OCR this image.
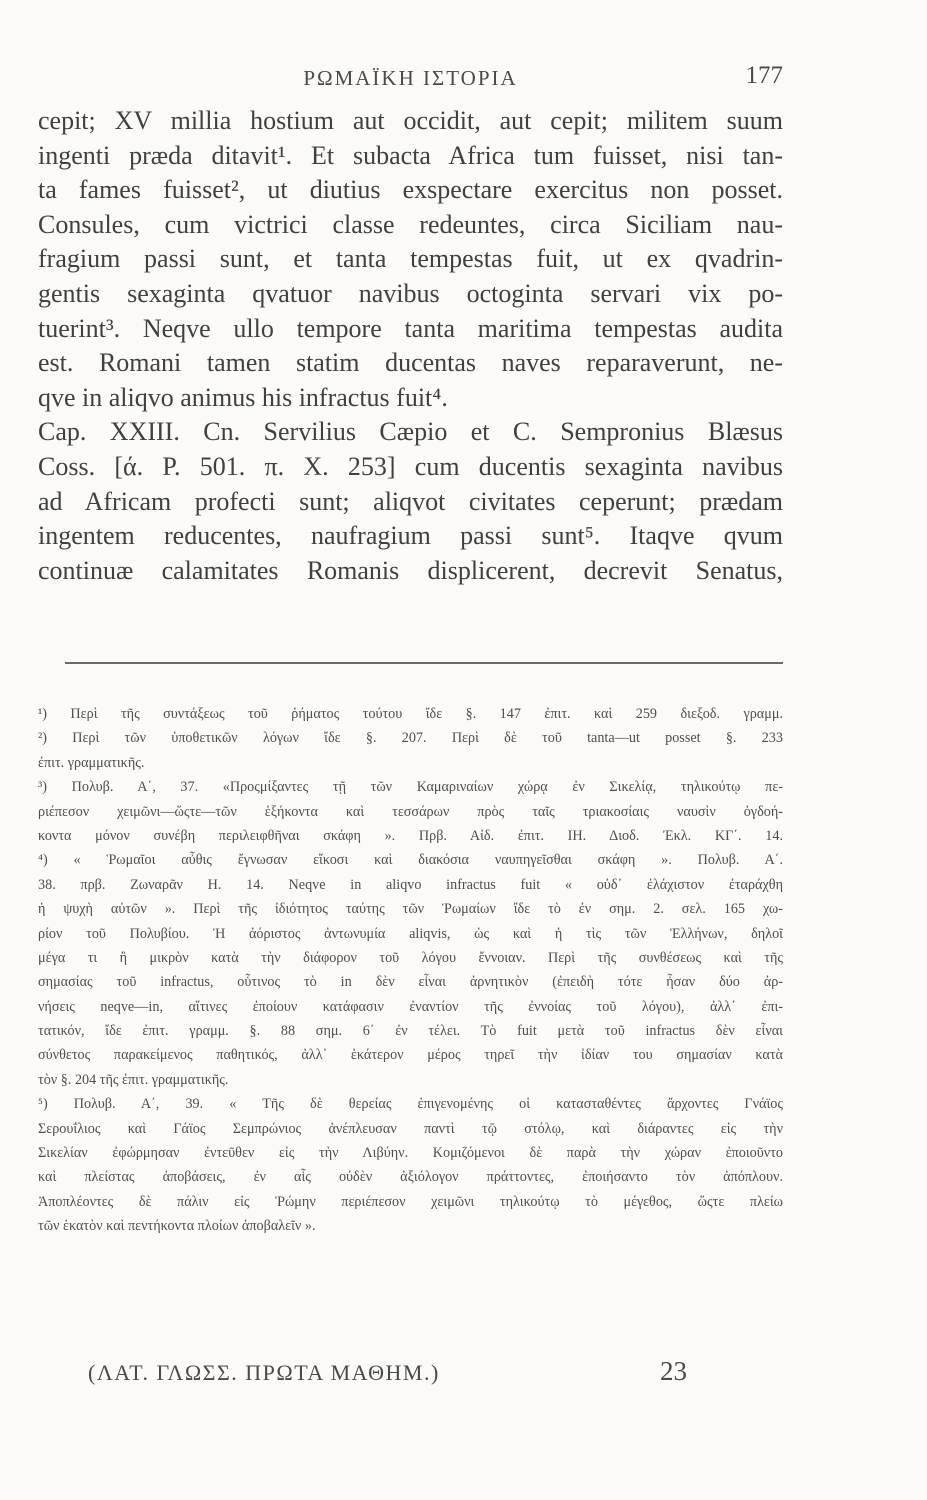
ΡΩΜΑΪΚΗ ΙΣΤΟΡΙΑ	177
cepit; XV millia hostium aut occidit, aut cepit; militem suum
ingenti præda ditavit¹. Et subacta Africa tum fuisset, nisi tan-
ta fames fuisset², ut diutius exspectare exercitus non posset.
Consules, cum victrici classe redeuntes, circa Siciliam nau-
fragium passi sunt, et tanta tempestas fuit, ut ex qvadrin-
gentis sexaginta qvatuor navibus octoginta servari vix po-
tuerint³. Neqve ullo tempore tanta maritima tempestas audita
est. Romani tamen statim ducentas naves reparaverunt, ne-
qve in aliqvo animus his infractus fuit⁴.
Cap. XXIII. Cn. Servilius Cæpio et C. Sempronius Blæsus
Coss. [ά. Ρ. 501. π. Χ. 253] cum ducentis sexaginta navibus
ad Africam profecti sunt; aliqvot civitates ceperunt; prædam
ingentem reducentes, naufragium passi sunt⁵. Itaqve qvum
continuæ calamitates Romanis displicerent, decrevit Senatus,
¹) Περὶ τῆς συντάξεως τοῦ ῥήματος τούτου ἴδε §. 147 ἐπιτ. καὶ 259 διεξοδ. γραμμ.
²) Περὶ τῶν ὑποθετικῶν λόγων ἴδε §. 207. Περὶ δὲ τοῦ tanta—ut posset §. 233
ἐπιτ. γραμματικῆς.
³) Πολυβ. Α΄, 37. «Προςμίξαντες τῇ τῶν Καμαριναίων χώρᾳ ἐν Σικελίᾳ, τηλικούτῳ πε-
ριέπεσον χειμῶνι—ὥςτε—τῶν ἑξήκοντα καὶ τεσσάρων πρὸς ταῖς τριακοσίαις ναυσὶν ὀγδοή-
κοντα μόνον συνέβη περιλειφθῆναι σκάφη ». Πρβ. Αἰδ. ἐπιτ. ΙΗ. Διοδ. Ἐκλ. ΚΓ΄. 14.
⁴) « Ῥωμαῖοι αὖθις ἔγνωσαν εἴκοσι καὶ διακόσια ναυπηγεῖσθαι σκάφη ». Πολυβ. Α΄.
38. πρβ. Ζωναρᾶν Η. 14. Neqve in aliqvo infractus fuit « οὐδ᾽ ἐλάχιστον ἐταράχθη
ἡ ψυχὴ αὐτῶν ». Περὶ τῆς ἰδιότητος ταύτης τῶν Ῥωμαίων ἴδε τὸ ἐν σημ. 2. σελ. 165 χω-
ρίον τοῦ Πολυβίου. Ἡ ἀόριστος ἀντωνυμία aliqvis, ὡς καὶ ἡ τὶς τῶν Ἑλλήνων, δηλοῖ
μέγα τι ἢ μικρὸν κατὰ τὴν διάφορον τοῦ λόγου ἔννοιαν. Περὶ τῆς συνθέσεως καὶ τῆς
σημασίας τοῦ infractus, οὗτινος τὸ in δὲν εἶναι ἀρνητικὸν (ἐπειδὴ τότε ἦσαν δύο ἀρ-
νήσεις neqve—in, αἵτινες ἐποίουν κατάφασιν ἐναντίον τῆς ἐννοίας τοῦ λόγου), ἀλλ᾽ ἐπι-
τατικόν, ἴδε ἐπιτ. γραμμ. §. 88 σημ. 6΄ ἐν τέλει. Τὸ fuit μετὰ τοῦ infractus δὲν εἶναι
σύνθετος παρακείμενος παθητικός, ἀλλ᾽ ἑκάτερον μέρος τηρεῖ τὴν ἰδίαν του σημασίαν κατὰ
τὸν §. 204 τῆς ἐπιτ. γραμματικῆς.
⁵) Πολυβ. Α΄, 39. « Τῆς δὲ θερείας ἐπιγενομένης οἱ κατασταθέντες ἄρχοντες Γνάϊος
Σερουΐλιος καὶ Γάϊος Σεμπρώνιος ἀνέπλευσαν παντὶ τῷ στόλῳ, καὶ διάραντες εἰς τὴν
Σικελίαν ἐφώρμησαν ἐντεῦθεν εἰς τὴν Λιβύην. Κομιζόμενοι δὲ παρὰ τὴν χώραν ἐποιοῦντο
καὶ πλείστας ἀποβάσεις, ἐν αἷς οὐδὲν ἀξιόλογον πράττοντες, ἐποιήσαντο τὸν ἀπόπλουν.
Ἀποπλέοντες δὲ πάλιν εἰς Ῥώμην περιέπεσον χειμῶνι τηλικούτῳ τὸ μέγεθος, ὥςτε πλείω
τῶν ἑκατὸν καὶ πεντήκοντα πλοίων ἀποβαλεῖν ».
(ΛΑΤ. ΓΛΩΣΣ. ΠΡΩΤΑ ΜΑΘΗΜ.)	23
